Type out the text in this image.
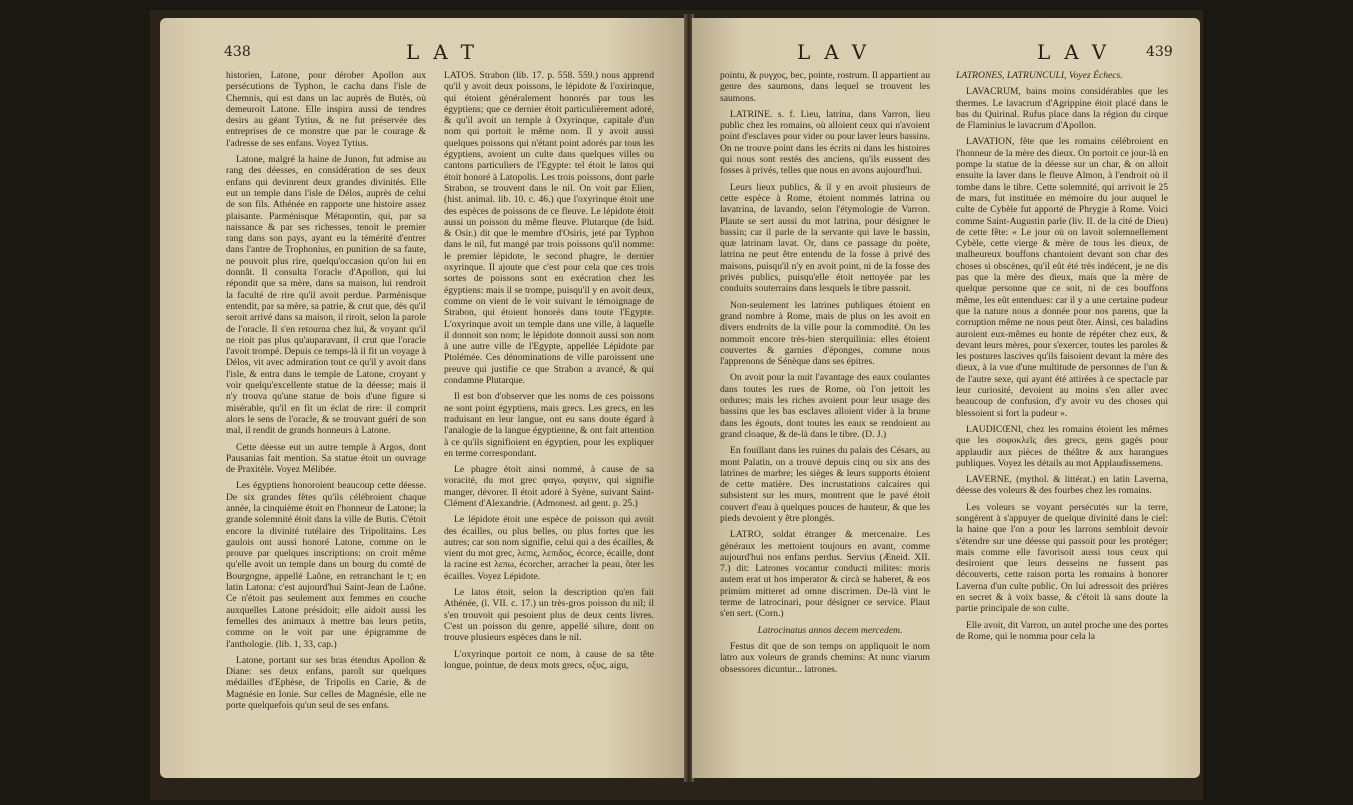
438	LAT

historien, Latone, pour dérober Apollon aux persécutions de Typhon, le cacha dans l'isle de Chemnis, qui est dans un lac auprès de Butès, où demeuroit Latone. Elle inspira aussi de tendres desirs au géant Tytius, & ne fut préservée des entreprises de ce monstre que par le courage & l'adresse de ses enfans. Voyez Tytius.

Latone, malgré la haine de Junon, fut admise au rang des déesses, en considération de ses deux enfans qui devinrent deux grandes divinités. Elle eut un temple dans l'isle de Délos, auprès de celui de son fils. Athénée en rapporte une histoire assez plaisante. Parménisque Métapontin, qui, par sa naissance & par ses richesses, tenoit le premier rang dans son pays, ayant eu la témérité d'entrer dans l'antre de Trophonius, en punition de sa faute, ne pouvoit plus rire, quelqu'occasion qu'on lui en donnât. Il consulta l'oracle d'Apollon, qui lui répondit que sa mère, dans sa maison, lui rendroit la faculté de rire qu'il avoit perdue. Parménisque entendit, par sa mère, sa patrie, & crut que, dès qu'il seroit arrivé dans sa maison, il riroit, selon la parole de l'oracle. Il s'en retourna chez lui, & voyant qu'il ne rioit pas plus qu'auparavant, il crut que l'oracle l'avoit trompé. Depuis ce temps-là il fit un voyage à Délos, vit avec admiration tout ce qu'il y avoit dans l'isle, & entra dans le temple de Latone, croyant y voir quelqu'excellente statue de la déesse; mais il n'y trouva qu'une statue de bois d'une figure si misérable, qu'il en fit un éclat de rire: il comprit alors le sens de l'oracle, & se trouvant guéri de son mal, il rendit de grands honneurs à Latone.

Cette déesse eut un autre temple à Argos, dont Pausanias fait mention. Sa statue étoit un ouvrage de Praxitèle. Voyez Mélibée.

Les égyptiens honoroient beaucoup cette déesse. De six grandes fêtes qu'ils célébroient chaque année, la cinquième étoit en l'honneur de Latone; la grande solemnité étoit dans la ville de Butis. C'étoit encore la divinité tutélaire des Tripolitains. Les gaulois ont aussi honoré Latone, comme on le prouve par quelques inscriptions: on croit même qu'elle avoit un temple dans un bourg du comté de Bourgogne, appellé Laône, en retranchant le t; en latin Latona: c'est aujourd'hui Saint-Jean de Laône. Ce n'étoit pas seulement aux femmes en couche auxquelles Latone présidoit; elle aidoit aussi les femelles des animaux à mettre bas leurs petits, comme on le voit par une épigramme de l'anthologie. (lib. 1, 33, cap.)

Latone, portant sur ses bras étendus Apollon & Diane: ses deux enfans, paroît sur quelques médailles d'Ephèse, de Tripolis en Carie, & de Magnésie en Ionie. Sur celles de Magnésie, elle ne porte quelquefois qu'un seul de ses enfans.

LATOS. Strabon (lib. 17. p. 558. 559.) nous apprend qu'il y avoit deux poissons, le lépidote & l'oxirinque, qui étoient généralement honorés par tous les égyptiens; que ce dernier étoit particulièrement adoré, & qu'il avoit un temple à Oxyrinque, capitale d'un nom qui portoit le même nom. Il y avoit aussi quelques poissons qui n'étant point adorés par tous les égyptiens, avoient un culte dans quelques villes ou cantons particuliers de l'Egypte: tel étoit le latos qui étoit honoré à Latopolis. Les trois poissons, dont parle Strabon, se trouvent dans le nil. On voit par Elien, (hist. animal. lib. 10. c. 46.) que l'oxyrinque étoit une des espèces de poissons de ce fleuve. Le lépidote étoit aussi un poisson du même fleuve. Plutarque (de Isid. & Osir.) dit que le membre d'Osiris, jeté par Typhon dans le nil, fut mangé par trois poissons qu'il nomme: le premier lépidote, le second phagre, le dernier oxyrinque. Il ajoute que c'est pour cela que ces trois sortes de poissons sont en exécration chez les égyptiens: mais il se trompe, puisqu'il y en avoit deux, comme on vient de le voir suivant le témoignage de Strabon, qui étoient honorés dans toute l'Egypte. L'oxyrinque avoit un temple dans une ville, à laquelle il donnoit son nom; le lépidote donnoit aussi son nom à une autre ville de l'Egypte, appellée Lépidote par Ptolémée. Ces dénominations de ville paroissent une preuve qui justifie ce que Strabon a avancé, & qui condamne Plutarque.

Il est bon d'observer que les noms de ces poissons ne sont point égyptiens, mais grecs. Les grecs, en les traduisant en leur langue, ont eu sans doute égard à l'analogie de la langue égyptienne, & ont fait attention à ce qu'ils signifioient en égyptien, pour les expliquer en terme correspondant.

Le phagre étoit ainsi nommé, à cause de sa voracité, du mot grec φαγω, φαγειν, qui signifie manger, dévorer. Il étoit adoré à Syène, suivant Saint-Clément d'Alexandrie. (Admonest. ad gent. p. 25.)

Le lépidote étoit une espèce de poisson qui avoit des écailles, ou plus belles, ou plus fortes que les autres; car son nom signifie, celui qui a des écailles, & vient du mot grec, λεπις, λεπιδος, écorce, écaille, dont la racine est λεπω, écorcher, arracher la peau, ôter les écailles. Voyez Lépidote.

Le latos étoit, selon la description qu'en fait Athénée, (l. VII. c. 17.) un très-gros poisson du nil; il s'en trouvoit qui pesoient plus de deux cents livres. C'est un poisson du genre, appellé silure, dont on trouve plusieurs espèces dans le nil.

L'oxyrinque portoit ce nom, à cause de sa tête longue, pointue, de deux mots grecs, οξυς, aigu,

LAV	LAV 439

pointu, & ρυγχος, bec, pointe, rostrum. Il appartient au genre des saumons, dans lequel se trouvent les saumons.

LATRINE. s. f. Lieu, latrina, dans Varron, lieu public chez les romains, où alloient ceux qui n'avoient point d'esclaves pour vider ou pour laver leurs bassins. On ne trouve point dans les écrits ni dans les histoires qui nous sont restés des anciens, qu'ils eussent des fosses à privés, telles que nous en avons aujourd'hui.

Leurs lieux publics, & il y en avoit plusieurs de cette espèce à Rome, étoient nommés latrina ou lavatrina, de lavando, selon l'étymologie de Varron. Plaute se sert aussi du mot latrina, pour désigner le bassin; car il parle de la servante qui lave le bassin, quæ latrinam lavat. Or, dans ce passage du poète, latrina ne peut être entendu de la fosse à privé des maisons, puisqu'il n'y en avoit point, ni de la fosse des privés publics, puisqu'elle étoit nettoyée par les conduits souterrains dans lesquels le tibre passoit.

Non-seulement les latrines publiques étoient en grand nombre à Rome, mais de plus on les avoit en divers endroits de la ville pour la commodité. On les nommoit encore très-bien sterquilinia: elles étoient couvertes & garnies d'éponges, comme nous l'apprenons de Sénèque dans ses épitres.

On avoit pour la nuit l'avantage des eaux coulantes dans toutes les rues de Rome, où l'on jettoit les ordures; mais les riches avoient pour leur usage des bassins que les bas esclaves alloient vider à la brune dans les égouts, dont toutes les eaux se rendoient au grand cloaque, & de-là dans le tibre. (D. J.)

En fouillant dans les ruines du palais des Césars, au mont Palatin, on a trouvé depuis cinq ou six ans des latrines de marbre; les sièges & leurs supports étoient de cette matière. Des incrustations calcaires qui subsistent sur les murs, montrent que le pavé étoit couvert d'eau à quelques pouces de hauteur, & que les pieds devoient y être plongés.

LATRO, soldat étranger & mercenaire. Les généraux les mettoient toujours en avant, comme aujourd'hui nos enfans perdus. Servius (Æneid. XII. 7.) dit: Latrones vocantur conducti milites: moris autem erat ut hos imperator & circà se haberet, & eos primùm mitteret ad omne discrimen. De-là vint le terme de latrocinari, pour désigner ce service. Plaut s'en sert. (Corn.)

Latrocinatus annos decem mercedem.

Festus dit que de son temps on appliquoit le nom latro aux voleurs de grands chemins: At nunc viarum obsessores dicuntur... latrones.

LATRONES, LATRUNCULI, Voyez Échecs.

LAVACRUM, bains moins considérables que les thermes. Le lavacrum d'Agrippine étoit placé dans le bas du Quirinal. Rufus place dans la région du cirque de Flaminius le lavacrum d'Apollon.

LAVATION, fête que les romains célébroient en l'honneur de la mère des dieux. On portoit ce jour-là en pompe la statue de la déesse sur un char, & on alloit ensuite la laver dans le fleuve Almon, à l'endroit où il tombe dans le tibre. Cette solemnité, qui arrivoit le 25 de mars, fut instituée en mémoire du jour auquel le culte de Cybèle fut apporté de Phrygie à Rome. Voici comme Saint-Augustin parle (liv. II. de la cité de Dieu) de cette fête: « Le jour où on lavoit solemnellement Cybèle, cette vierge & mère de tous les dieux, de malheureux bouffons chantoient devant son char des choses si obscènes, qu'il eût été très indécent, je ne dis pas que la mère des dieux, mais que la mère de quelque personne que ce soit, ni de ces bouffons même, les eût entendues: car il y a une certaine pudeur que la nature nous a donnée pour nos parens, que la corruption même ne nous peut ôter. Ainsi, ces baladins auroient eux-mêmes eu honte de répéter chez eux, & devant leurs mères, pour s'exercer, toutes les paroles & les postures lascives qu'ils faisoient devant la mère des dieux, à la vue d'une multitude de personnes de l'un & de l'autre sexe, qui ayant été attirées à ce spectacle par leur curiosité, devoient au moins s'en aller avec beaucoup de confusion, d'y avoir vu des choses qui blessoient si fort la pudeur ».

LAUDICŒNI, chez les romains étoient les mêmes que les σοφοκλεῖς des grecs, gens gagés pour applaudir aux pièces de théâtre & aux harangues publiques. Voyez les détails au mot Applaudissemens.

LAVERNE, (mythol. & littérat.) en latin Laverna, déesse des voleurs & des fourbes chez les romains.

Les voleurs se voyant persécutés sur la terre, songèrent à s'appuyer de quelque divinité dans le ciel: la haine que l'on a pour les larrons sembloit devoir s'étendre sur une déesse qui passoit pour les protéger; mais comme elle favorisoit aussi tous ceux qui desiroient que leurs desseins ne fussent pas découverts, cette raison porta les romains à honorer Laverna d'un culte public. On lui adressoit des prières en secret & à voix basse, & c'étoit là sans doute la partie principale de son culte.

Elle avoit, dit Varron, un autel proche une des portes de Rome, qui le nomma pour cela la
